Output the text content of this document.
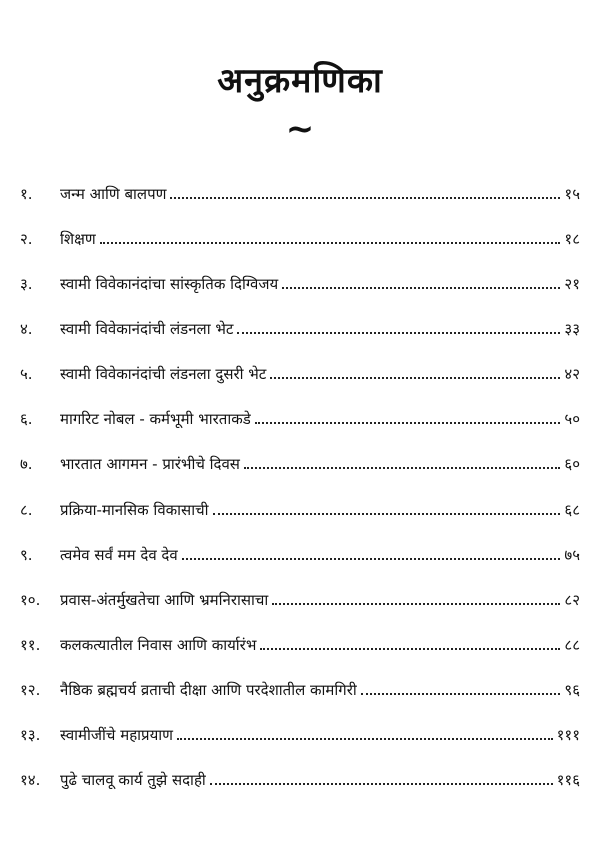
अनुक्रमणिका
~
१.	जन्म आणि बालपण	१५
२.	शिक्षण	१८
३.	स्वामी विवेकानंदांचा सांस्कृतिक दिग्विजय	२१
४.	स्वामी विवेकानंदांची लंडनला भेट	३३
५.	स्वामी विवेकानंदांची लंडनला दुसरी भेट	४२
६.	मागरिट नोबल - कर्मभूमी भारताकडे	५०
७.	भारतात आगमन - प्रारंभीचे दिवस	६०
८.	प्रक्रिया-मानसिक विकासाची	६८
९.	त्वमेव सर्वं मम देव देव	७५
१०.	प्रवास-अंतर्मुखतेचा आणि भ्रमनिरासाचा	८२
११.	कलकत्यातील निवास आणि कार्यारंभ	८८
१२.	नैष्ठिक ब्रह्मचर्य व्रताची दीक्षा आणि परदेशातील कामगिरी	९६
१३.	स्वामीजींचे महाप्रयाण	१११
१४.	पुढे चालवू कार्य तुझे सदाही	११६
